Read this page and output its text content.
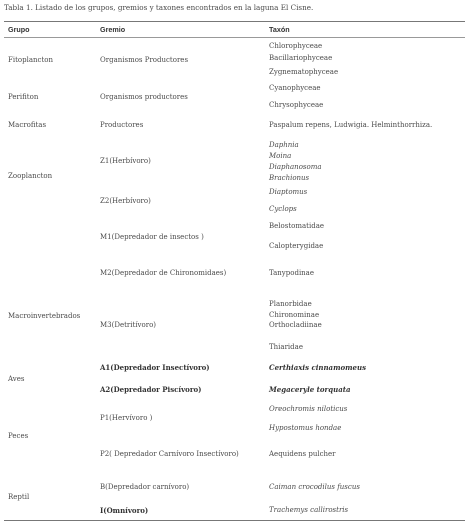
Tabla 1. Listado de los grupos, gremios y taxones encontrados en la laguna El Cisne.
Grupo	Gremio	Taxón
Fitoplancton
Perifiton
Macrofitas
Zooplancton
Macroinvertebrados
Aves
Peces
Reptil
Organismos Productores
Organismos productores
Productores
Z1(Herbívoro)
Z2(Herbívoro)
M1(Depredador de insectos )
M2(Depredador de Chironomidaes)
M3(Detritívoro)
A1(Depredador Insectívoro)
A2(Depredador Piscívoro)
P1(Hervívoro )
P2( Depredador Carnívoro Insectívoro)
B(Depredador carnívoro)
I(Omnívoro)
Chlorophyceae
Bacillariophyceae
Zygnematophyceae
Cyanophyceae
Chrysophyceae
Paspalum repens, Ludwigia. Helminthorrhiza.
Daphnia
Moina
Diaphanosoma
Brachionus
Diaptomus
Cyclops
Belostomatidae
Calopterygidae
Tanypodinae
Planorbidae
Chironominae
Orthocladiinae
Thiaridae
Certhiaxis cinnamomeus
Megaceryle torquata
Oreochromis niloticus
Hypostomus hondae
Aequidens pulcher
Caiman crocodilus fuscus
Trachemys callirostris
